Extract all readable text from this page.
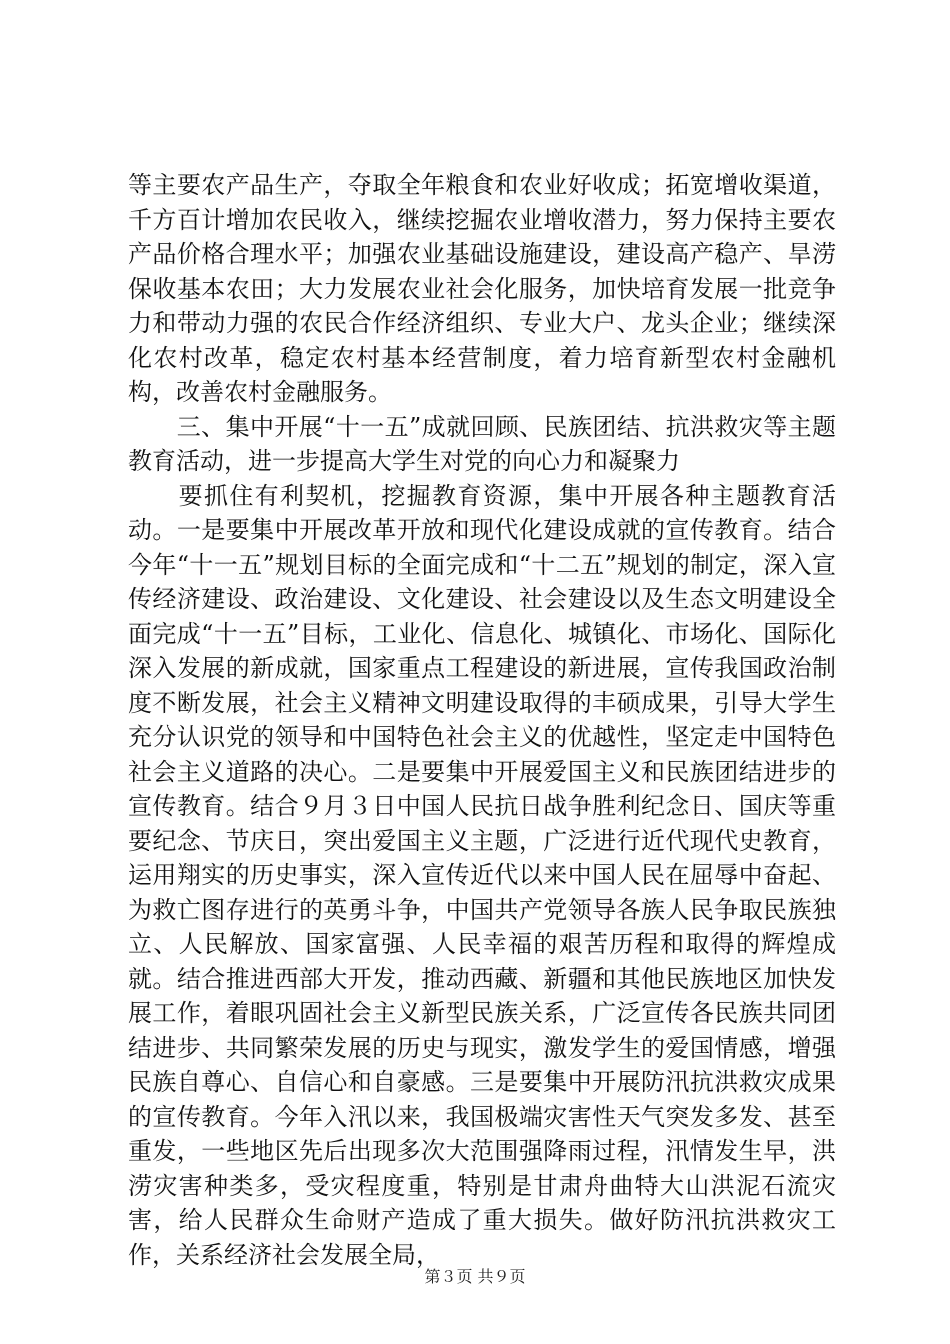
等主要农产品生产，夺取全年粮食和农业好收成；拓宽增收渠道，千方百计增加农民收入，继续挖掘农业增收潜力，努力保持主要农产品价格合理水平；加强农业基础设施建设，建设高产稳产、旱涝保收基本农田；大力发展农业社会化服务，加快培育发展一批竞争力和带动力强的农民合作经济组织、专业大户、龙头企业；继续深化农村改革，稳定农村基本经营制度，着力培育新型农村金融机构，改善农村金融服务。

　　三、集中开展“十一五”成就回顾、民族团结、抗洪救灾等主题教育活动，进一步提高大学生对党的向心力和凝聚力

　　要抓住有利契机，挖掘教育资源，集中开展各种主题教育活动。一是要集中开展改革开放和现代化建设成就的宣传教育。结合今年“十一五”规划目标的全面完成和“十二五”规划的制定，深入宣传经济建设、政治建设、文化建设、社会建设以及生态文明建设全面完成“十一五”目标，工业化、信息化、城镇化、市场化、国际化深入发展的新成就，国家重点工程建设的新进展，宣传我国政治制度不断发展，社会主义精神文明建设取得的丰硕成果，引导大学生充分认识党的领导和中国特色社会主义的优越性，坚定走中国特色社会主义道路的决心。二是要集中开展爱国主义和民族团结进步的宣传教育。结合９月３日中国人民抗日战争胜利纪念日、国庆等重要纪念、节庆日，突出爱国主义主题，广泛进行近代现代史教育，运用翔实的历史事实，深入宣传近代以来中国人民在屈辱中奋起、为救亡图存进行的英勇斗争，中国共产党领导各族人民争取民族独立、人民解放、国家富强、人民幸福的艰苦历程和取得的辉煌成就。结合推进西部大开发，推动西藏、新疆和其他民族地区加快发展工作，着眼巩固社会主义新型民族关系，广泛宣传各民族共同团结进步、共同繁荣发展的历史与现实，激发学生的爱国情感，增强民族自尊心、自信心和自豪感。三是要集中开展防汛抗洪救灾成果的宣传教育。今年入汛以来，我国极端灾害性天气突发多发、甚至重发，一些地区先后出现多次大范围强降雨过程，汛情发生早，洪涝灾害种类多，受灾程度重，特别是甘肃舟曲特大山洪泥石流灾害，给人民群众生命财产造成了重大损失。做好防汛抗洪救灾工作，关系经济社会发展全局，

第３页 共９页
